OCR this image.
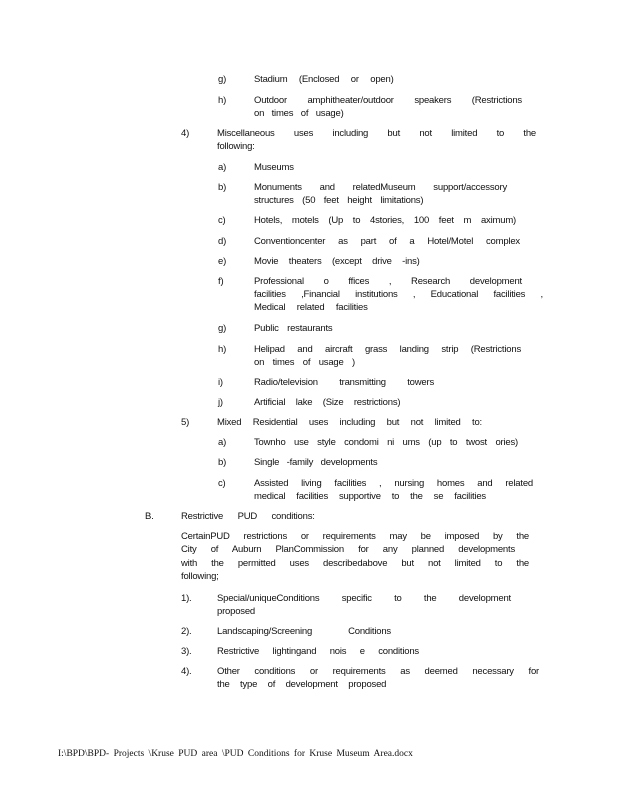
g)	Stadium (Enclosed or open)
h)	Outdoor amphitheater/outdoor speakers (Restrictions
on times of usage)
4)	Miscellaneous uses including but not limited to the
following:
a)	Museums
b)	Monuments and relatedMuseum support/accessory
structures (50 feet height limitations)
c)	Hotels, motels (Up to 4stories, 100 feet m aximum)
d)	Conventioncenter as part of a Hotel/Motel complex
e)	Movie theaters (except drive -ins)
f)	Professional o ffices , Research development
facilities ,Financial institutions , Educational facilities ,
Medical related facilities
g)	Public restaurants
h)	Helipad and aircraft grass landing strip (Restrictions
on times of usage )
i)	Radio/television transmitting towers
j)	Artificial lake (Size restrictions)
5)	Mixed Residential uses including but not limited to:
a)	Townho use style condomi ni ums (up to twost ories)
b)	Single -family developments
c)	Assisted living facilities , nursing homes and related
medical facilities supportive to the se facilities
B.	Restrictive PUD conditions:
CertainPUD restrictions or requirements may be imposed by the
City of Auburn PlanCommission for any planned developments
with the permitted uses describedabove but not limited to the
following;
1).	Special/uniqueConditions specific to the development
proposed
2).	Landscaping/Screening Conditions
3).	Restrictive lightingand nois e conditions
4).	Other conditions or requirements as deemed necessary for
the type of development proposed
I:\BPD\BPD- Projects \Kruse PUD area \PUD Conditions for Kruse Museum Area.docx
